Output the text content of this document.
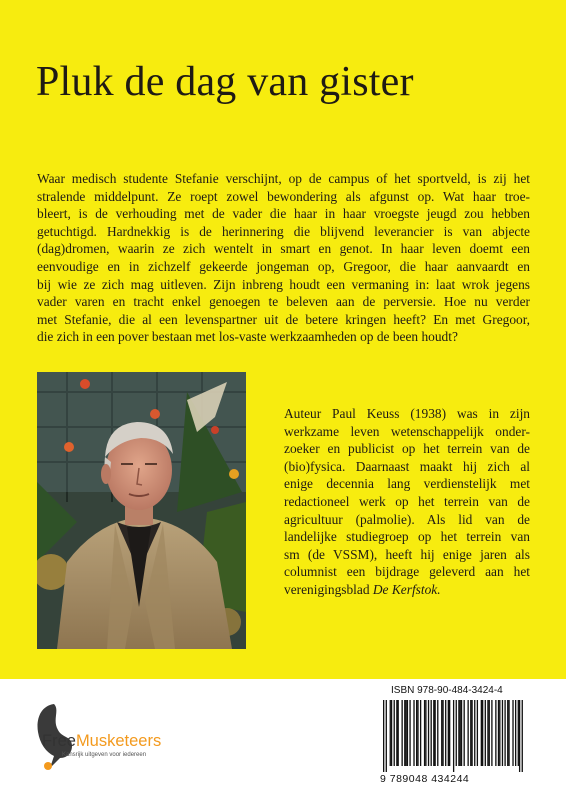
Pluk de dag van gister

Waar medisch studente Stefanie verschijnt, op de campus of het sportveld, is zij het
stralende middelpunt. Ze roept zowel bewondering als afgunst op. Wat haar troe-
bleert, is de verhouding met de vader die haar in haar vroegste jeugd zou hebben
getuchtigd. Hardnekkig is de herinnering die blijvend leverancier is van abjecte
(dag)dromen, waarin ze zich wentelt in smart en genot. In haar leven doemt een
eenvoudige en in zichzelf gekeerde jongeman op, Gregoor, die haar aanvaardt en
bij wie ze zich mag uitleven. Zijn inbreng houdt een vermaning in: laat wrok jegens
vader varen en tracht enkel genoegen te beleven aan de perversie. Hoe nu verder
met Stefanie, die al een levenspartner uit de betere kringen heeft? En met Gregoor,
die zich in een pover bestaan met los-vaste werkzaamheden op de been houdt?

Auteur Paul Keuss (1938) was in zijn
werkzame leven wetenschappelijk onder-
zoeker en publicist op het terrein van de
(bio)fysica. Daarnaast maakt hij zich al
enige decennia lang verdienstelijk met
redactioneel werk op het terrein van de
agricultuur (palmolie). Als lid van de
landelijke studiegroep op het terrein van
sm (de VSSM), heeft hij enige jaren als
columnist een bijdrage geleverd aan het
verenigingsblad De Kerfstok.

FreeMusketeers
Kansrijk uitgeven voor iedereen
ISBN 978-90-484-3424-4
9 789048 434244
